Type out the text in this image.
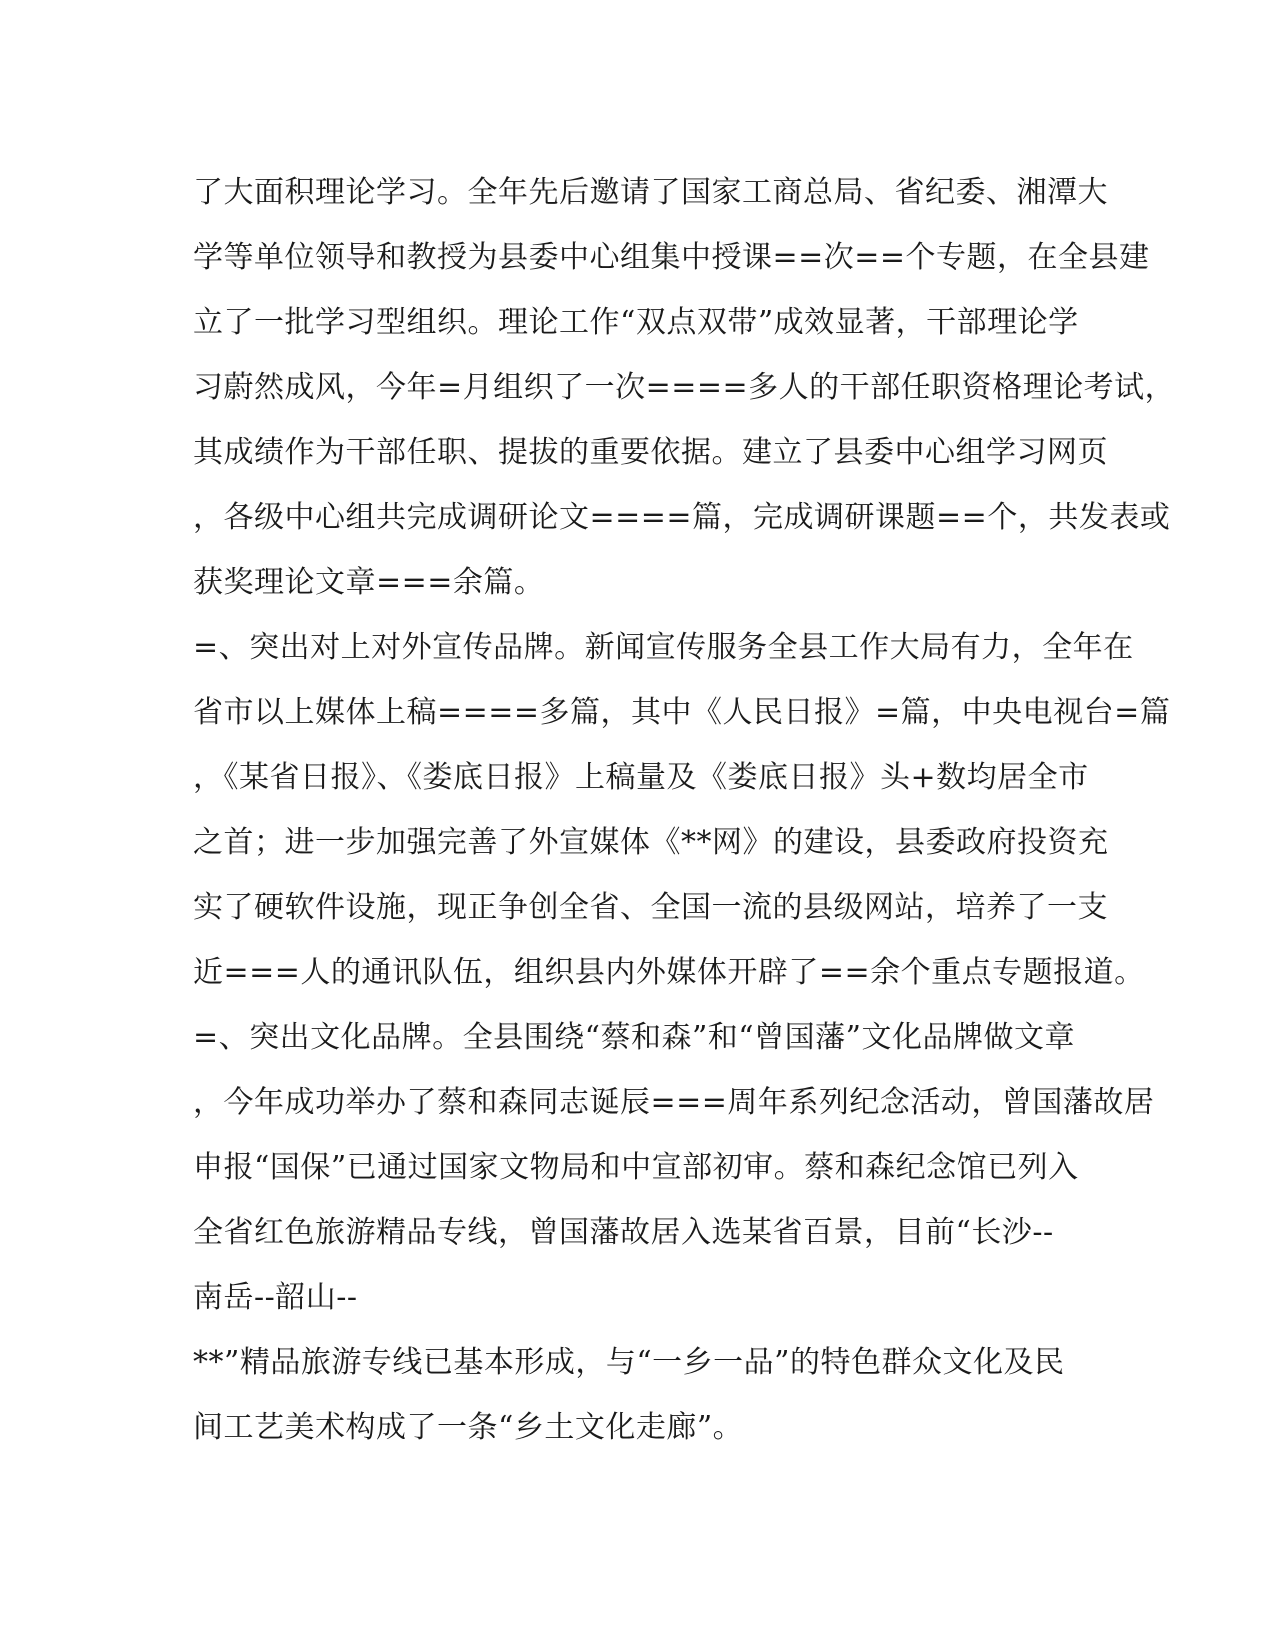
了大面积理论学习。全年先后邀请了国家工商总局、省纪委、湘潭大
学等单位领导和教授为县委中心组集中授课==次==个专题，在全县建
立了一批学习型组织。理论工作“双点双带”成效显著，干部理论学
习蔚然成风，今年=月组织了一次====多人的干部任职资格理论考试，
其成绩作为干部任职、提拔的重要依据。建立了县委中心组学习网页
，各级中心组共完成调研论文====篇，完成调研课题==个，共发表或
获奖理论文章===余篇。
=、突出对上对外宣传品牌。新闻宣传服务全县工作大局有力，全年在
省市以上媒体上稿====多篇，其中《人民日报》=篇，中央电视台=篇
，《某省日报》、《娄底日报》上稿量及《娄底日报》头+数均居全市
之首；进一步加强完善了外宣媒体《**网》的建设，县委政府投资充
实了硬软件设施，现正争创全省、全国一流的县级网站，培养了一支
近===人的通讯队伍，组织县内外媒体开辟了==余个重点专题报道。
=、突出文化品牌。全县围绕“蔡和森”和“曾国藩”文化品牌做文章
，今年成功举办了蔡和森同志诞辰===周年系列纪念活动，曾国藩故居
申报“国保”已通过国家文物局和中宣部初审。蔡和森纪念馆已列入
全省红色旅游精品专线，曾国藩故居入选某省百景，目前“长沙--
南岳--韶山--
**”精品旅游专线已基本形成，与“一乡一品”的特色群众文化及民
间工艺美术构成了一条“乡土文化走廊”。
